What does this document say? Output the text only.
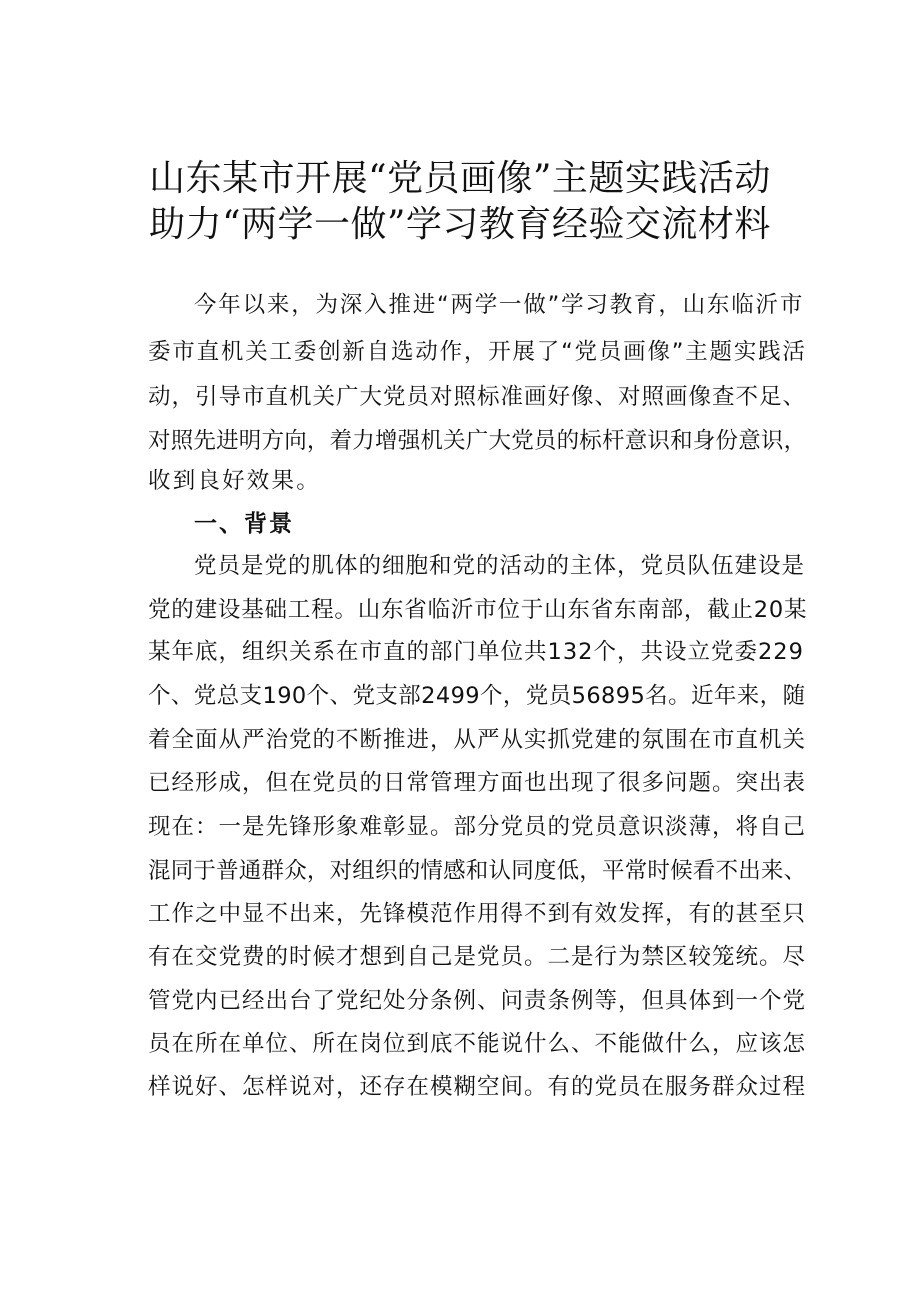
山东某市开展“党员画像”主题实践活动
助力“两学一做”学习教育经验交流材料
今年以来，为深入推进“两学一做”学习教育，山东临沂市
委市直机关工委创新自选动作，开展了“党员画像”主题实践活
动，引导市直机关广大党员对照标准画好像、对照画像查不足、
对照先进明方向，着力增强机关广大党员的标杆意识和身份意识，
收到良好效果。
一、背景
党员是党的肌体的细胞和党的活动的主体，党员队伍建设是
党的建设基础工程。山东省临沂市位于山东省东南部，截止20某
某年底，组织关系在市直的部门单位共132个，共设立党委229
个、党总支190个、党支部2499个，党员56895名。近年来，随
着全面从严治党的不断推进，从严从实抓党建的氛围在市直机关
已经形成，但在党员的日常管理方面也出现了很多问题。突出表
现在：一是先锋形象难彰显。部分党员的党员意识淡薄，将自己
混同于普通群众，对组织的情感和认同度低，平常时候看不出来、
工作之中显不出来，先锋模范作用得不到有效发挥，有的甚至只
有在交党费的时候才想到自己是党员。二是行为禁区较笼统。尽
管党内已经出台了党纪处分条例、问责条例等，但具体到一个党
员在所在单位、所在岗位到底不能说什么、不能做什么，应该怎
样说好、怎样说对，还存在模糊空间。有的党员在服务群众过程
